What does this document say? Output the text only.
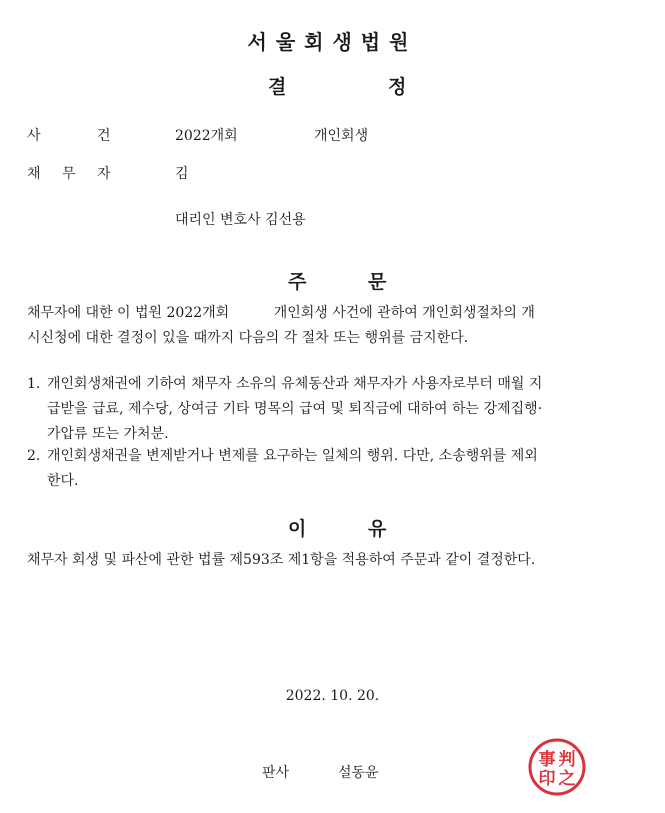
서울회생법원
결	정
사	건	2022개회	개인회생
채 무 자	김
대리인 변호사 김선용
주	문
채무자에 대한 이 법원 2022개회          개인회생 사건에 관하여 개인회생절차의 개
시신청에 대한 결정이 있을 때까지 다음의 각 절차 또는 행위를 금지한다.
1. 개인회생채권에 기하여 채무자 소유의 유체동산과 채무자가 사용자로부터 매월 지
급받을 급료, 제수당, 상여금 기타 명목의 급여 및 퇴직금에 대하여 하는 강제집행·
가압류 또는 가처분.
2. 개인회생채권을 변제받거나 변제를 요구하는 일체의 행위. 다만, 소송행위를 제외
한다.
이	유
채무자 회생 및 파산에 관한 법률 제593조 제1항을 적용하여 주문과 같이 결정한다.
2022. 10. 20.
판사	설동윤
判
事
之
印
